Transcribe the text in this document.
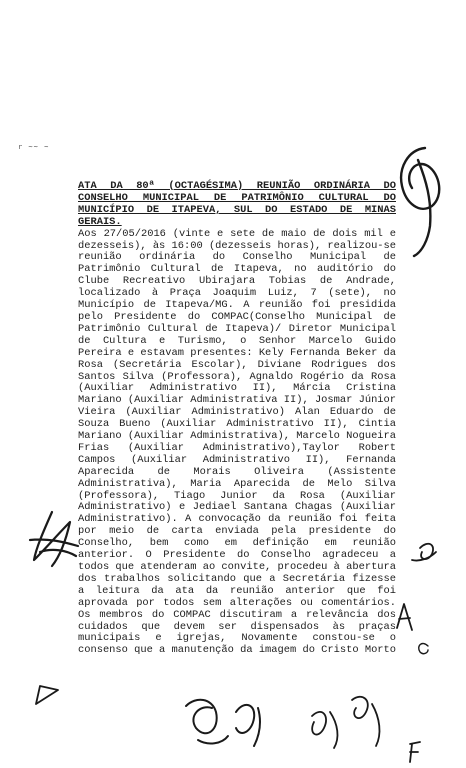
r ~~ ~

ATA DA 80ª (OCTAGÉSIMA) REUNIÃO ORDINÁRIA DO CONSELHO MUNICIPAL DE PATRIMÔNIO CULTURAL DO MUNICÍPIO DE ITAPEVA, SUL DO ESTADO DE MINAS GERAIS.

Aos 27/05/2016 (vinte e sete de maio de dois mil e dezesseis), às 16:00 (dezesseis horas), realizou-se reunião ordinária do Conselho Municipal de Patrimônio Cultural de Itapeva, no auditório do Clube Recreativo Ubirajara Tobias de Andrade, localizado à Praça Joaquim Luiz, 7 (sete), no Município de Itapeva/MG. A reunião foi presidida pelo Presidente do COMPAC(Conselho Municipal de Patrimônio Cultural de Itapeva)/ Diretor Municipal de Cultura e Turismo, o Senhor Marcelo Guido Pereira e estavam presentes: Kely Fernanda Beker da Rosa (Secretária Escolar), Diviane Rodrigues dos Santos Silva (Professora), Agnaldo Rogério da Rosa (Auxiliar Administrativo II), Márcia Cristina Mariano (Auxiliar Administrativa II), Josmar Júnior Vieira (Auxiliar Administrativo) Alan Eduardo de Souza Bueno (Auxiliar Administrativo II), Cintia Mariano (Auxiliar Administrativa), Marcelo Nogueira Frias (Auxiliar Administrativo),Taylor Robert Campos (Auxiliar Administrativo II), Fernanda Aparecida de Morais Oliveira (Assistente Administrativa), Maria Aparecida de Melo Silva (Professora), Tiago Junior da Rosa (Auxiliar Administrativo) e Jediael Santana Chagas (Auxiliar Administrativo). A convocação da reunião foi feita por meio de carta enviada pela presidente do Conselho, bem como em definição em reunião anterior. O Presidente do Conselho agradeceu a todos que atenderam ao convite, procedeu à abertura dos trabalhos solicitando que a Secretária fizesse a leitura da ata da reunião anterior que foi aprovada por todos sem alterações ou comentários. Os membros do COMPAC discutiram a relevância dos cuidados que devem ser dispensados às praças municipais e igrejas, Novamente constou-se o consenso que a manutenção da imagem do Cristo Morto
